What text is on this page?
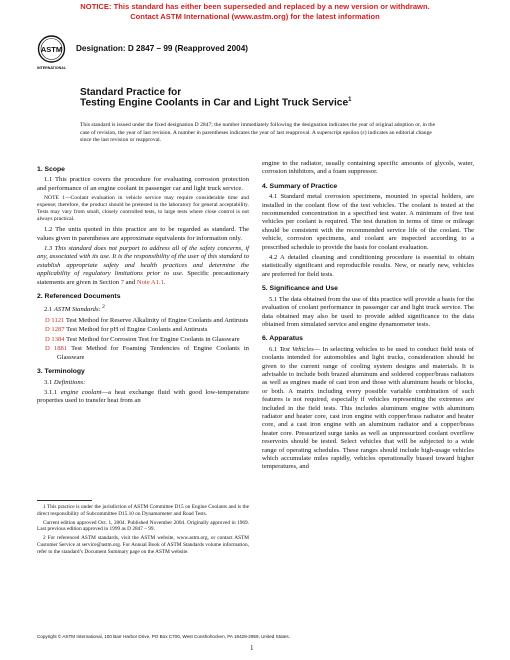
NOTICE: This standard has either been superseded and replaced by a new version or withdrawn.
Contact ASTM International (www.astm.org) for the latest information
ASTM
INTERNATIONAL
Designation: D 2847 – 99 (Reapproved 2004)
Standard Practice for
Testing Engine Coolants in Car and Light Truck Service$^1$
This standard is issued under the fixed designation D 2847; the number immediately following the designation indicates the year of original adoption or, in the case of revision, the year of last revision. A number in parentheses indicates the year of last reapproval. A superscript epsilon (ε) indicates an editorial change since the last revision or reapproval.
1. Scope

1.1 This practice covers the procedure for evaluating corrosion protection and performance of an engine coolant in passenger car and light truck service.

NOTE 1—Coolant evaluation in vehicle service may require considerable time and expense; therefore, the product should be pretested in the laboratory for general acceptability. Tests may vary from small, closely controlled tests, to large tests where close control is not always practical.

1.2 The units quoted in this practice are to be regarded as standard. The values given in parentheses are approximate equivalents for information only.

1.3 This standard does not purport to address all of the safety concerns, if any, associated with its use. It is the responsibility of the user of this standard to establish appropriate safety and health practices and determine the applicability of regulatory limitations prior to use. Specific precautionary statements are given in Section 7 and Note A1.1.

2. Referenced Documents

2.1 ASTM Standards: $^2$

D 1121 Test Method for Reserve Alkalinity of Engine Coolants and Antirusts
D 1287 Test Method for pH of Engine Coolants and Antirusts
D 1384 Test Method for Corrosion Test for Engine Coolants in Glassware
D 1881 Test Method for Foaming Tendencies of Engine Coolants in Glassware
3. Terminology

3.1 Definitions:

3.1.1 engine coolant—a heat exchange fluid with good low-temperature properties used to transfer heat from an

1 This practice is under the jurisdiction of ASTM Committee D15 on Engine Coolants and is the direct responsibility of Subcommittee D15.10 on Dynamometer and Road Tests.

Current edition approved Oct. 1, 2004. Published November 2004. Originally approved in 1969. Last previous edition approved in 1999 as D 2847 – 99.

2 For referenced ASTM standards, visit the ASTM website, www.astm.org, or contact ASTM Customer Service at service@astm.org. For Annual Book of ASTM Standards volume information, refer to the standard’s Document Summary page on the ASTM website.

engine to the radiator, usually containing specific amounts of glycols, water, corrosion inhibitors, and a foam suppressor.

4. Summary of Practice

4.1 Standard metal corrosion specimens, mounted in special holders, are installed in the coolant flow of the test vehicles. The coolant is tested at the recommended concentration in a specified test water. A minimum of five test vehicles per coolant is required. The test duration in terms of time or mileage should be consistent with the recommended service life of the coolant. The vehicle, corrosion specimens, and coolant are inspected according to a prescribed schedule to provide the basis for coolant evaluation.

4.2 A detailed cleaning and conditioning procedure is essential to obtain statistically significant and reproducible results. New, or nearly new, vehicles are preferred for field tests.

5. Significance and Use

5.1 The data obtained from the use of this practice will provide a basis for the evaluation of coolant performance in passenger car and light truck service. The data obtained may also be used to provide added significance to the data obtained from simulated service and engine dynamometer tests.

6. Apparatus

6.1 Test Vehicles— In selecting vehicles to be used to conduct field tests of coolants intended for automobiles and light trucks, consideration should be given to the current range of cooling system designs and materials. It is advisable to include both brazed aluminum and soldered copper/brass radiators as well as engines made of cast iron and those with aluminum heads or blocks, or both. A matrix including every possible variable combination of such features is not required, especially if vehicles representing the extremes are included in the field tests. This includes aluminum engine with aluminum radiator and heater core, cast iron engine with copper/brass radiator and heater core, and a cast iron engine with an aluminum radiator and a copper/brass heater core. Pressurized surge tanks as well as unpressurized coolant overflow reservoirs should be tested. Select vehicles that will be subjected to a wide range of operating schedules. These ranges should include high-usage vehicles which accumulate miles rapidly, vehicles operationally biased toward higher temperatures, and

Copyright © ASTM International, 100 Barr Harbor Drive, PO Box C700, West Conshohocken, PA 19428-2959, United States.
1
